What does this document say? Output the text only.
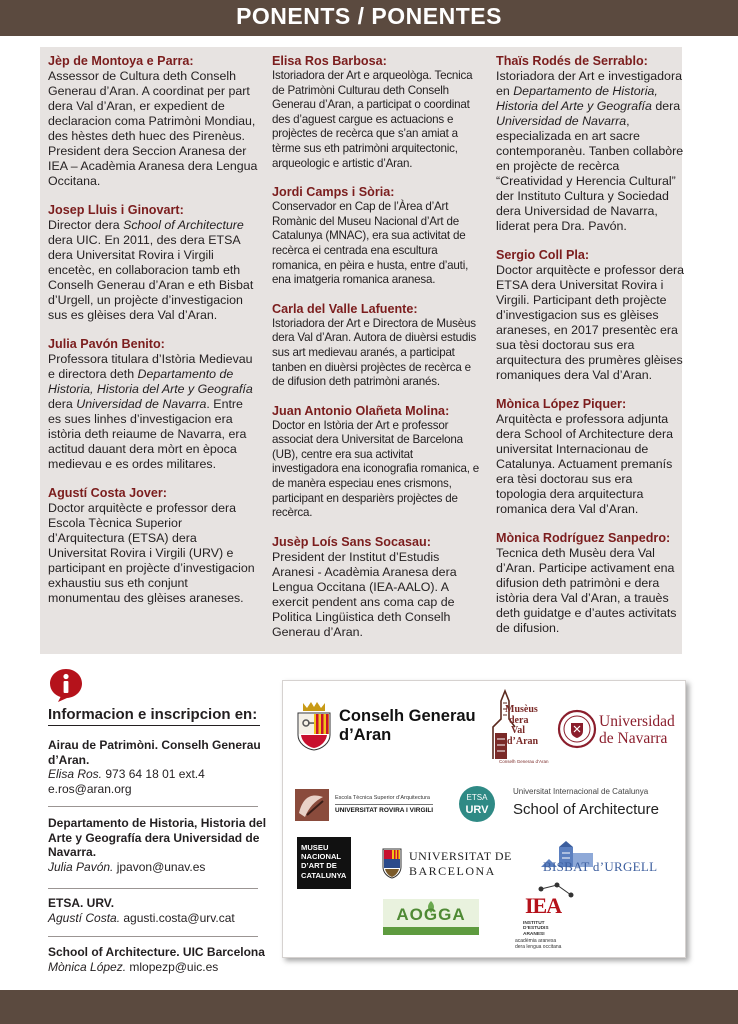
PONENTS / PONENTES
Jèp de Montoya e Parra :
Assessor de Cultura deth Conselh Generau d’Aran. A coordinat per part dera Val d’Aran, er expedient de declaracion coma Patrimòni Mondiau, des hèstes deth huec des Pirenèus. President dera Seccion Aranesa der IEA – Acadèmia Aranesa dera Lengua Occitana.
Josep Lluis i Ginovart :
Director dera School of Architecture dera UIC. En 2011, des dera ETSA dera Universitat Rovira i Virgili encetèc, en collaboracion tamb eth Conselh Generau d’Aran e eth Bisbat d’Urgell, un projècte d’investigacion sus es glèises dera Val d’Aran.
Julia Pavón Benito :
Professora titulara d’Istòria Medievau e directora deth Departamento de Historia, Historia del Arte y Geografía dera Universidad de Navarra. Entre es sues linhes d’investigacion era istòria deth reiaume de Navarra, era actitud dauant dera mòrt en època medievau e es ordes militares.
Agustí Costa Jover :
Doctor arquitècte e professor dera Escola Tècnica Superior d’Arquitectura (ETSA) dera Universitat Rovira i Virgili (URV) e participant en projècte d’investigacion exhaustiu sus eth conjunt monumentau des glèises araneses.
Elisa Ros Barbosa :
Istoriadora der Art e arqueològa. Tecnica de Patrimòni Culturau deth Conselh Generau d’Aran, a participat o coordinat des d’aguest cargue es actuacions e projèctes de recèrca que s’an amiat a tèrme sus eth patrimòni arquitectonic, arqueologic e artistic d’Aran.
Jordi Camps i Sòria :
Conservador en Cap de l’Àrea d’Art Romànic del Museu Nacional d’Art de Catalunya (MNAC), era sua activitat de recèrca ei centrada ena escultura romanica, en pèira e husta, entre d’auti, ena imatgeria romanica aranesa.
Carla del Valle Lafuente :
Istoriadora der Art e Directora de Musèus dera Val d’Aran. Autora de diuèrsi estudis sus art medievau aranés, a participat tanben en diuèrsi projèctes de recèrca e de difusion deth patrimòni aranés.
Juan Antonio Olañeta Molina :
Doctor en Istòria der Art e professor associat dera Universitat de Barcelona (UB), centre era sua activitat investigadora ena iconografia romanica, e de manèra especiau enes crismons, participant en desparièrs projèctes de recèrca.
Jusèp Loís Sans Socasau :
President der Institut d’Estudis Aranesi - Acadèmia Aranesa dera Lengua Occitana (IEA-AALO). A exercit pendent ans coma cap de Politica Lingüistica deth Conselh Generau d’Aran.
Thaïs Rodés de Serrablo :
Istoriadora der Art e investigadora en Departamento de Historia, Historia del Arte y Geografía dera Universidad de Navarra, especializada en art sacre contemporanèu. Tanben collabòre en projècte de recèrca “Creatividad y Herencia Cultural” der Instituto Cultura y Sociedad dera Universidad de Navarra, liderat pera Dra. Pavón.
Sergio Coll Pla :
Doctor arquitècte e professor dera ETSA dera Universitat Rovira i Virgili. Participant deth projècte d’investigacion sus es glèises araneses, en 2017 presentèc era sua tèsi doctorau sus era arquitectura des prumères glèises romaniques dera Val d’Aran.
Mònica López Piquer :
Arquitècta e professora adjunta dera School of Architecture dera universitat Internacionau de Catalunya. Actuament premanís era tèsi doctorau sus era topologia dera arquitectura romanica dera Val d’Aran.
Mònica Rodríguez Sanpedro :
Tecnica deth Musèu dera Val d’Aran. Participe activament ena difusion deth patrimòni e dera istòria dera Val d’Aran, a trauès deth guidatge e d’autes activitats de difusion.
Informacion e inscripcion en:
Airau de Patrimòni. Conselh Generau d’Aran.
Elisa Ros. 973 64 18 01 ext.4
e.ros@aran.org
Departamento de Historia, Historia del Arte y Geografía dera Universidad de Navarra.
Julia Pavón. jpavon@unav.es
ETSA. URV.
Agustí Costa. agusti.costa@urv.cat
School of Architecture. UIC Barcelona
Mònica López. mlopezp@uic.es
Conselh Generau
d’Aran
Musèus
dera
Val
d’Aran
Conselh Generau d’Aran
Universidad
de Navarra
Escola Tècnica Superior d’Arquitectura
UNIVERSITAT ROVIRA I VIRGILI
ETSA
URV
Universitat Internacional de Catalunya
School of Architecture
MUSEU
NACIONAL
D’ART DE
CATALUNYA
UNIVERSITAT DE
BARCELONA	BISBAT d’URGELL
AOGGA	IEA
INSTITUT
D’ESTUDIS
ARANESI
acadèmia aranesa
dera lengua occitana
